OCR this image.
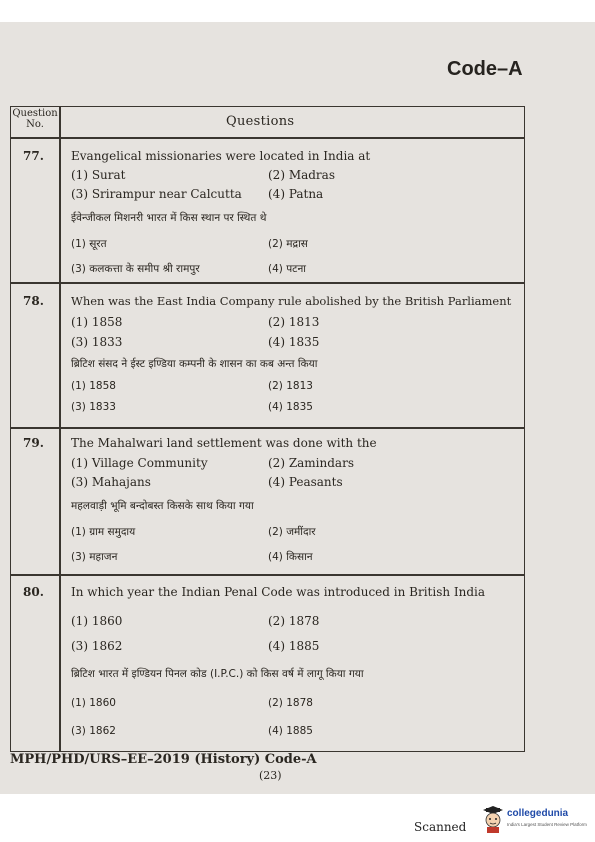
Code–A
Question
No.	Questions
77. Evangelical missionaries were located in India at
(1) Surat	(2) Madras
(3) Srirampur near Calcutta (4) Patna
ईवेन्जीकल मिशनरी भारत में किस स्थान पर स्थित थे
(1) सूरत	(2) मद्रास
(3) कलकत्ता के समीप श्री रामपुर	(4) पटना
78. When was the East India Company rule abolished by the British Parliament
(1) 1858	(2) 1813
(3) 1833	(4) 1835
ब्रिटिश संसद ने ईस्ट इण्डिया कम्पनी के शासन का कब अन्त किया
(1) 1858	(2) 1813
(3) 1833	(4) 1835
79. The Mahalwari land settlement was done with the
(1) Village Community	(2) Zamindars
(3) Mahajans	(4) Peasants
महलवाड़ी भूमि बन्दोबस्त किसके साथ किया गया
(1) ग्राम समुदाय	(2) जमींदार
(3) महाजन	(4) किसान
80. In which year the Indian Penal Code was introduced in British India
(1) 1860	(2) 1878
(3) 1862	(4) 1885
ब्रिटिश भारत में इण्डियन पिनल कोड (I.P.C.) को किस वर्ष में लागू किया गया
(1) 1860	(2) 1878
(3) 1862	(4) 1885
MPH/PHD/URS–EE–2019 (History) Code-A
(23)
Scanned
collegedunia
India's Largest Student Review Platform
